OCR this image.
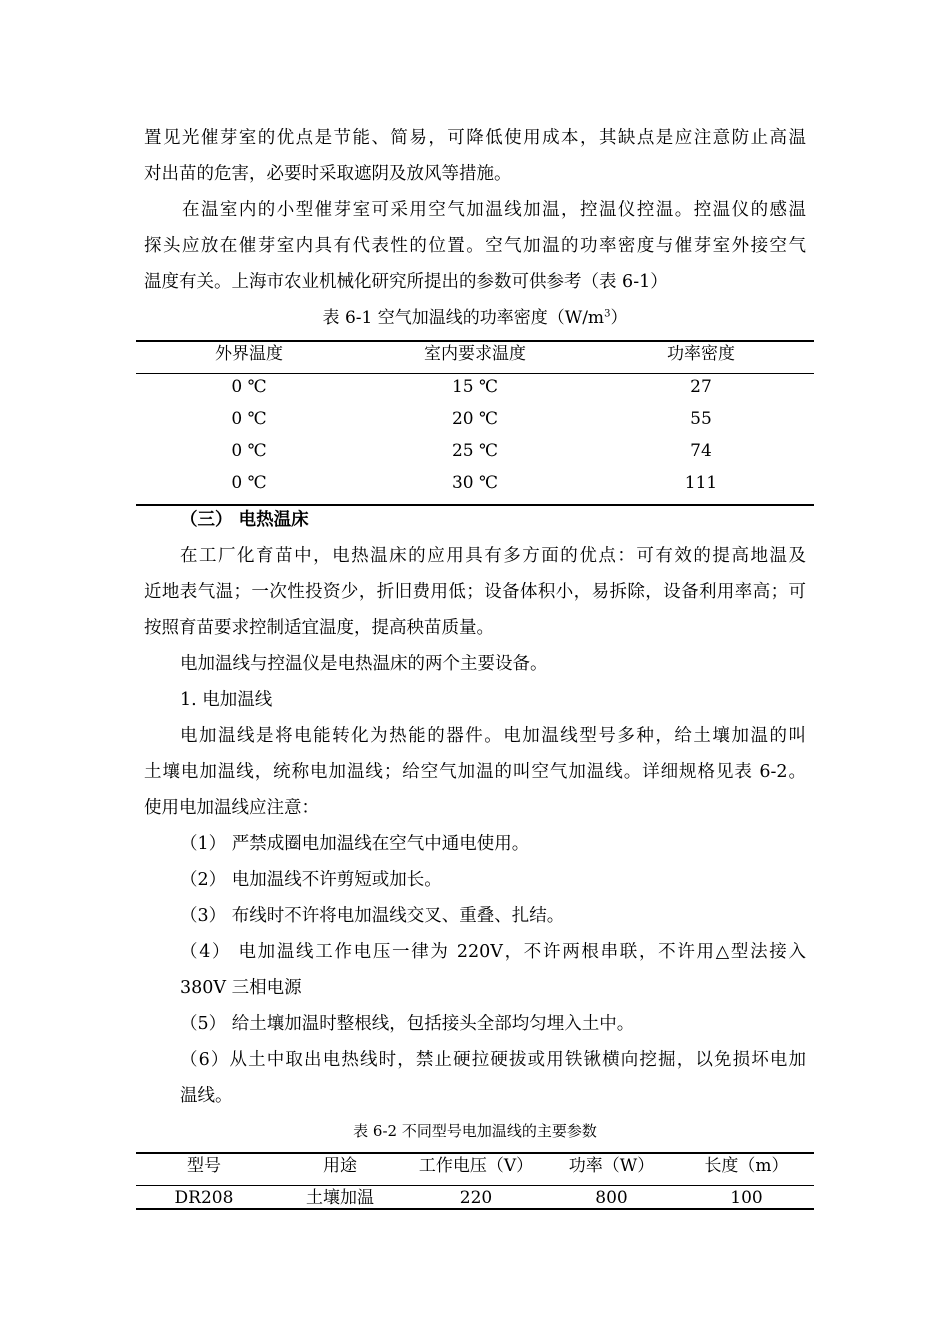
置见光催芽室的优点是节能、简易，可降低使用成本，其缺点是应注意防止高温
对出苗的危害，必要时采取遮阴及放风等措施。
在温室内的小型催芽室可采用空气加温线加温，控温仪控温。控温仪的感温
探头应放在催芽室内具有代表性的位置。空气加温的功率密度与催芽室外接空气
温度有关。上海市农业机械化研究所提出的参数可供参考（表 6-1）
表 6-1 空气加温线的功率密度$(W/m^3)$
外界温度	室内要求温度	功率密度
0 ℃	15 ℃	27
0 ℃	20 ℃	55
0 ℃	25 ℃	74
0 ℃	30 ℃	111
（三） 电热温床
在工厂化育苗中，电热温床的应用具有多方面的优点：可有效的提高地温及
近地表气温；一次性投资少，折旧费用低；设备体积小，易拆除，设备利用率高；可
按照育苗要求控制适宜温度，提高秧苗质量。
电加温线与控温仪是电热温床的两个主要设备。
1. 电加温线
电加温线是将电能转化为热能的器件。电加温线型号多种，给土壤加温的叫
土壤电加温线，统称电加温线；给空气加温的叫空气加温线。详细规格见表 6-2。
使用电加温线应注意：
（1） 严禁成圈电加温线在空气中通电使用。
（2） 电加温线不许剪短或加长。
（3） 布线时不许将电加温线交叉、重叠、扎结。
（4） 电加温线工作电压一律为 220V，不许两根串联，不许用△型法接入
380V 三相电源
（5） 给土壤加温时整根线，包括接头全部均匀埋入土中。
（6）从土中取出电热线时，禁止硬拉硬拔或用铁锹横向挖掘，以免损坏电加
温线。
表 6-2 不同型号电加温线的主要参数
型号	用途	工作电压（V）	功率（W）	长度（m）
DR208	土壤加温	220	800	100
